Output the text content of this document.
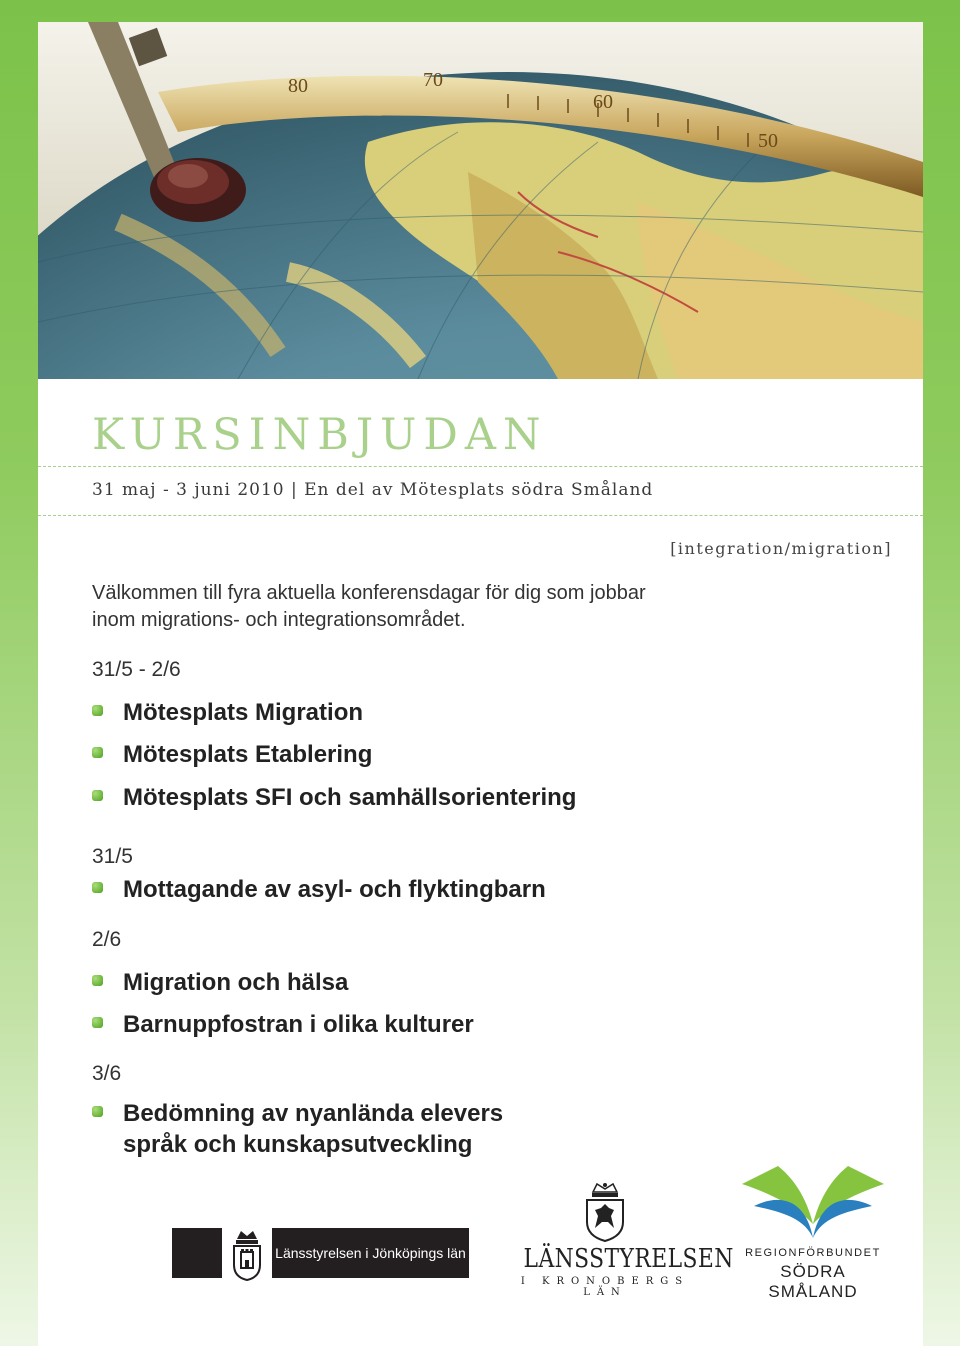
70
60
50
80
KURSINBJUDAN
31 maj - 3 juni 2010 | En del av Mötesplats södra Småland
[integration/migration]
Välkommen till fyra aktuella konferensdagar för dig som jobbar inom migrations- och integrationsområdet.
31/5 - 2/6
Mötesplats Migration
Mötesplats Etablering
Mötesplats SFI och samhällsorientering
31/5
Mottagande av asyl- och flyktingbarn
2/6
Migration och hälsa
Barnuppfostran i olika kulturer
3/6
Bedömning av nyanlända elevers
språk och kunskapsutveckling
Länsstyrelsen i Jönköpings län LÄNSSTYRELSEN
I KRONOBERGS LÄN
REGIONFÖRBUNDET
SÖDRA SMÅLAND
